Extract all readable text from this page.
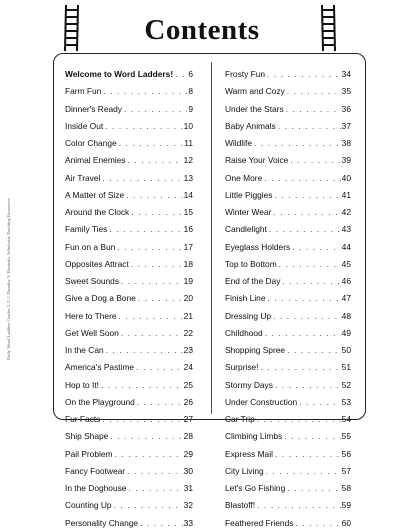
Contents
Daily Word Ladders Grades 2–3 © Timothy V. Rasinski, Scholastic Teaching Resources
Welcome to Word Ladders! . . . 6
Farm Fun . . .	8
Dinner's Ready . . .	9
Inside Out . . .	10
Color Change . . .	11
Animal Enemies . . .	12
Air Travel . . .	13
A Matter of Size . . .	14
Around the Clock . . .	15
Family Ties . . .	16
Fun on a Bun . . .	17
Opposites Attract . . .	18
Sweet Sounds . . .	19
Give a Dog a Bone . . .	20
Here to There . . .	21
Get Well Soon . . .	22
In the Can . . .	23
America's Pastime . . .	24
Hop to It! . . .	25
On the Playground . . .	26
Fur Facts . . .	27
Ship Shape . . .	28
Pail Problem . . .	29
Fancy Footwear . . .	30
In the Doghouse . . .	31
Counting Up . . .	32
Personality Change . . .	33
Frosty Fun . . .	34
Warm and Cozy . . .	35
Under the Stars . . .	36
Baby Animals . . .	37
Wildlife . . .	38
Raise Your Voice . . .	39
One More . . .	40
Little Piggies . . .	41
Winter Wear . . .	42
Candlelight . . .	43
Eyeglass Holders . . .	44
Top to Bottom . . .	45
End of the Day . . .	46
Finish Line . . .	47
Dressing Up . . .	48
Childhood . . .	49
Shopping Spree . . .	50
Surprise! . . .	51
Stormy Days . . .	52
Under Construction . . .	53
Car Trip . . .	54
Climbing Limbs . . .	55
Express Mail . . .	56
City Living . . .	57
Let's Go Fishing . . .	58
Blastoff! . . .	59
Feathered Friends . . .	60
